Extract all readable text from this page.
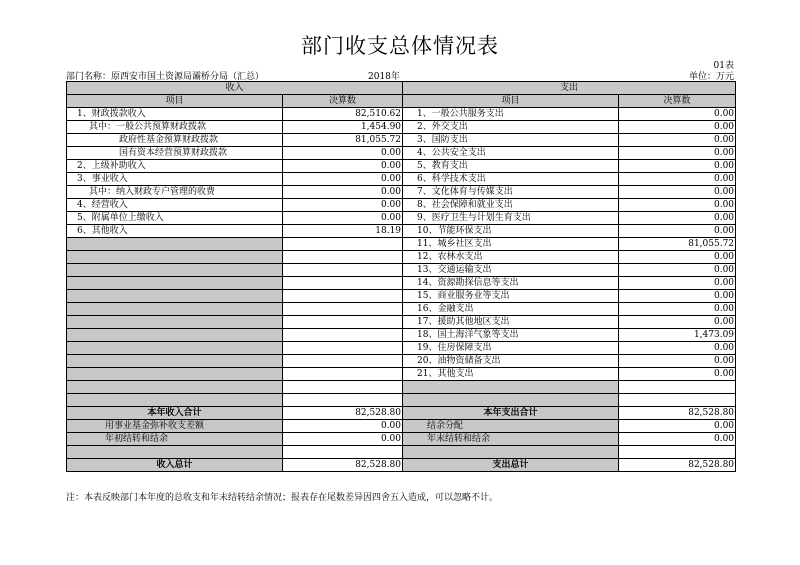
部门收支总体情况表
01表
部门名称：原西安市国土资源局灞桥分局（汇总）	2018年	单位：万元
收入		支出	
项目	决算数	项目	决算数
1、财政拨款收入	82,510.62	1、一般公共服务支出	0.00
其中：一般公共预算财政拨款	1,454.90	2、外交支出	0.00
政府性基金预算财政拨款	81,055.72	3、国防支出	0.00
国有资本经营预算财政拨款	0.00	4、公共安全支出	0.00
2、上级补助收入	0.00	5、教育支出	0.00
3、事业收入	0.00	6、科学技术支出	0.00
其中：纳入财政专户管理的收费	0.00	7、文化体育与传媒支出	0.00
4、经营收入	0.00	8、社会保障和就业支出	0.00
5、附属单位上缴收入	0.00	9、医疗卫生与计划生育支出	0.00
6、其他收入	18.19	10、节能环保支出	0.00
		11、城乡社区支出	81,055.72
		12、农林水支出	0.00
		13、交通运输支出	0.00
		14、资源勘探信息等支出	0.00
		15、商业服务业等支出	0.00
		16、金融支出	0.00
		17、援助其他地区支出	0.00
		18、国土海洋气象等支出	1,473.09
		19、住房保障支出	0.00
		20、油物资储备支出	0.00
		21、其他支出	0.00

本年收入合计	82,528.80	本年支出合计	82,528.80
用事业基金弥补收支差额	0.00	结余分配	0.00
年初结转和结余	0.00	年末结转和结余	0.00

收入总计	82,528.80	支出总计	82,528.80
注：本表反映部门本年度的总收支和年末结转结余情况；报表存在尾数差异因四舍五入造成，可以忽略不计。
